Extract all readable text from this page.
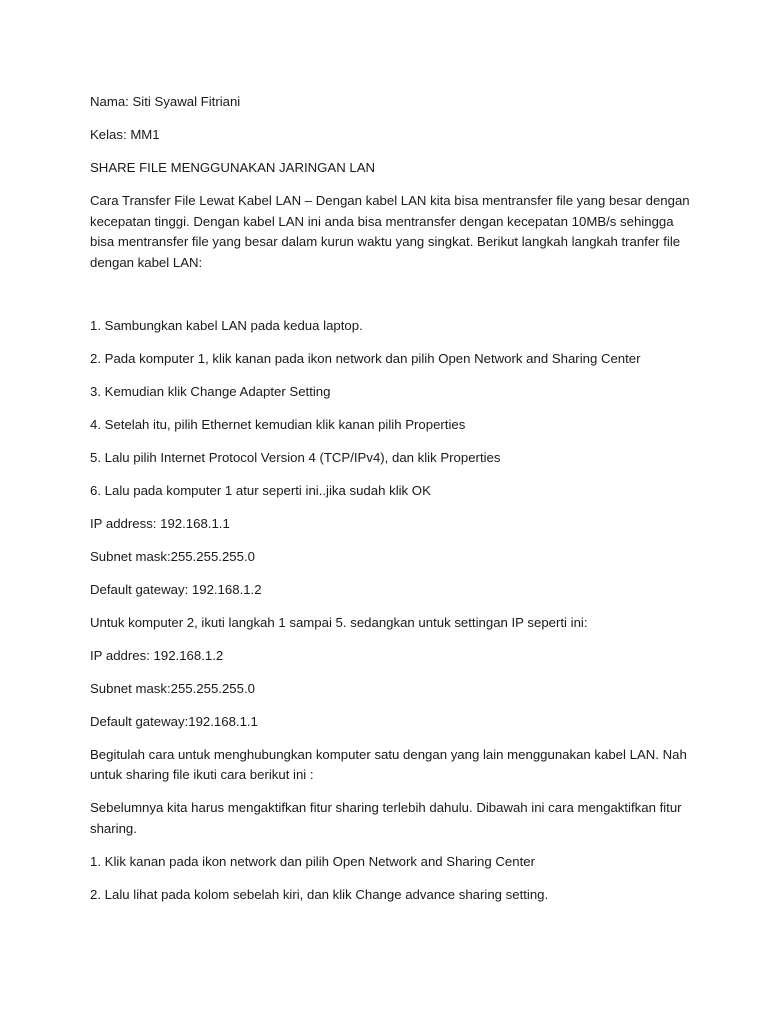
Nama: Siti Syawal Fitriani

Kelas: MM1

SHARE FILE MENGGUNAKAN JARINGAN LAN

Cara Transfer File Lewat Kabel LAN – Dengan kabel LAN kita bisa mentransfer file yang besar dengan kecepatan tinggi. Dengan kabel LAN ini anda bisa mentransfer dengan kecepatan 10MB/s sehingga bisa mentransfer file yang besar dalam kurun waktu yang singkat. Berikut langkah langkah tranfer file dengan kabel LAN:

1. Sambungkan kabel LAN pada kedua laptop.

2. Pada komputer 1, klik kanan pada ikon network dan pilih Open Network and Sharing Center

3. Kemudian klik Change Adapter Setting

4. Setelah itu, pilih Ethernet kemudian klik kanan pilih Properties

5. Lalu pilih Internet Protocol Version 4 (TCP/IPv4), dan klik Properties

6. Lalu pada komputer 1 atur seperti ini..jika sudah klik OK

IP address: 192.168.1.1

Subnet mask:255.255.255.0

Default gateway: 192.168.1.2

Untuk komputer 2, ikuti langkah 1 sampai 5. sedangkan untuk settingan IP seperti ini:

IP addres: 192.168.1.2

Subnet mask:255.255.255.0

Default gateway:192.168.1.1

Begitulah cara untuk menghubungkan komputer satu dengan yang lain menggunakan kabel LAN. Nah untuk sharing file ikuti cara berikut ini :

Sebelumnya kita harus mengaktifkan fitur sharing terlebih dahulu. Dibawah ini cara mengaktifkan fitur sharing.

1. Klik kanan pada ikon network dan pilih Open Network and Sharing Center

2. Lalu lihat pada kolom sebelah kiri, dan klik Change advance sharing setting.
